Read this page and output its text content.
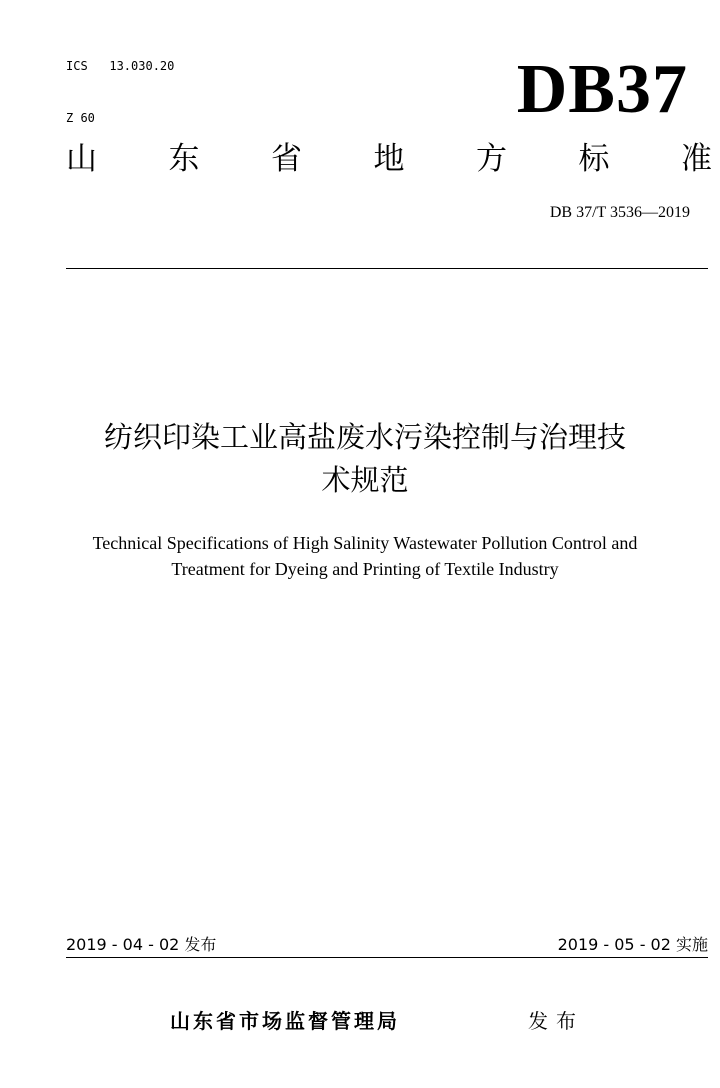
ICS   13.030.20

Z 60	DB37
山 东 省 地 方 标 准
DB 37/T 3536—2019
纺织印染工业高盐废水污染控制与治理技
术规范
Technical Specifications of High Salinity Wastewater Pollution Control and
Treatment for Dyeing and Printing of Textile Industry
2019 - 04 - 02 发布	2019 - 05 - 02 实施
山东省市场监督管理局	发布
